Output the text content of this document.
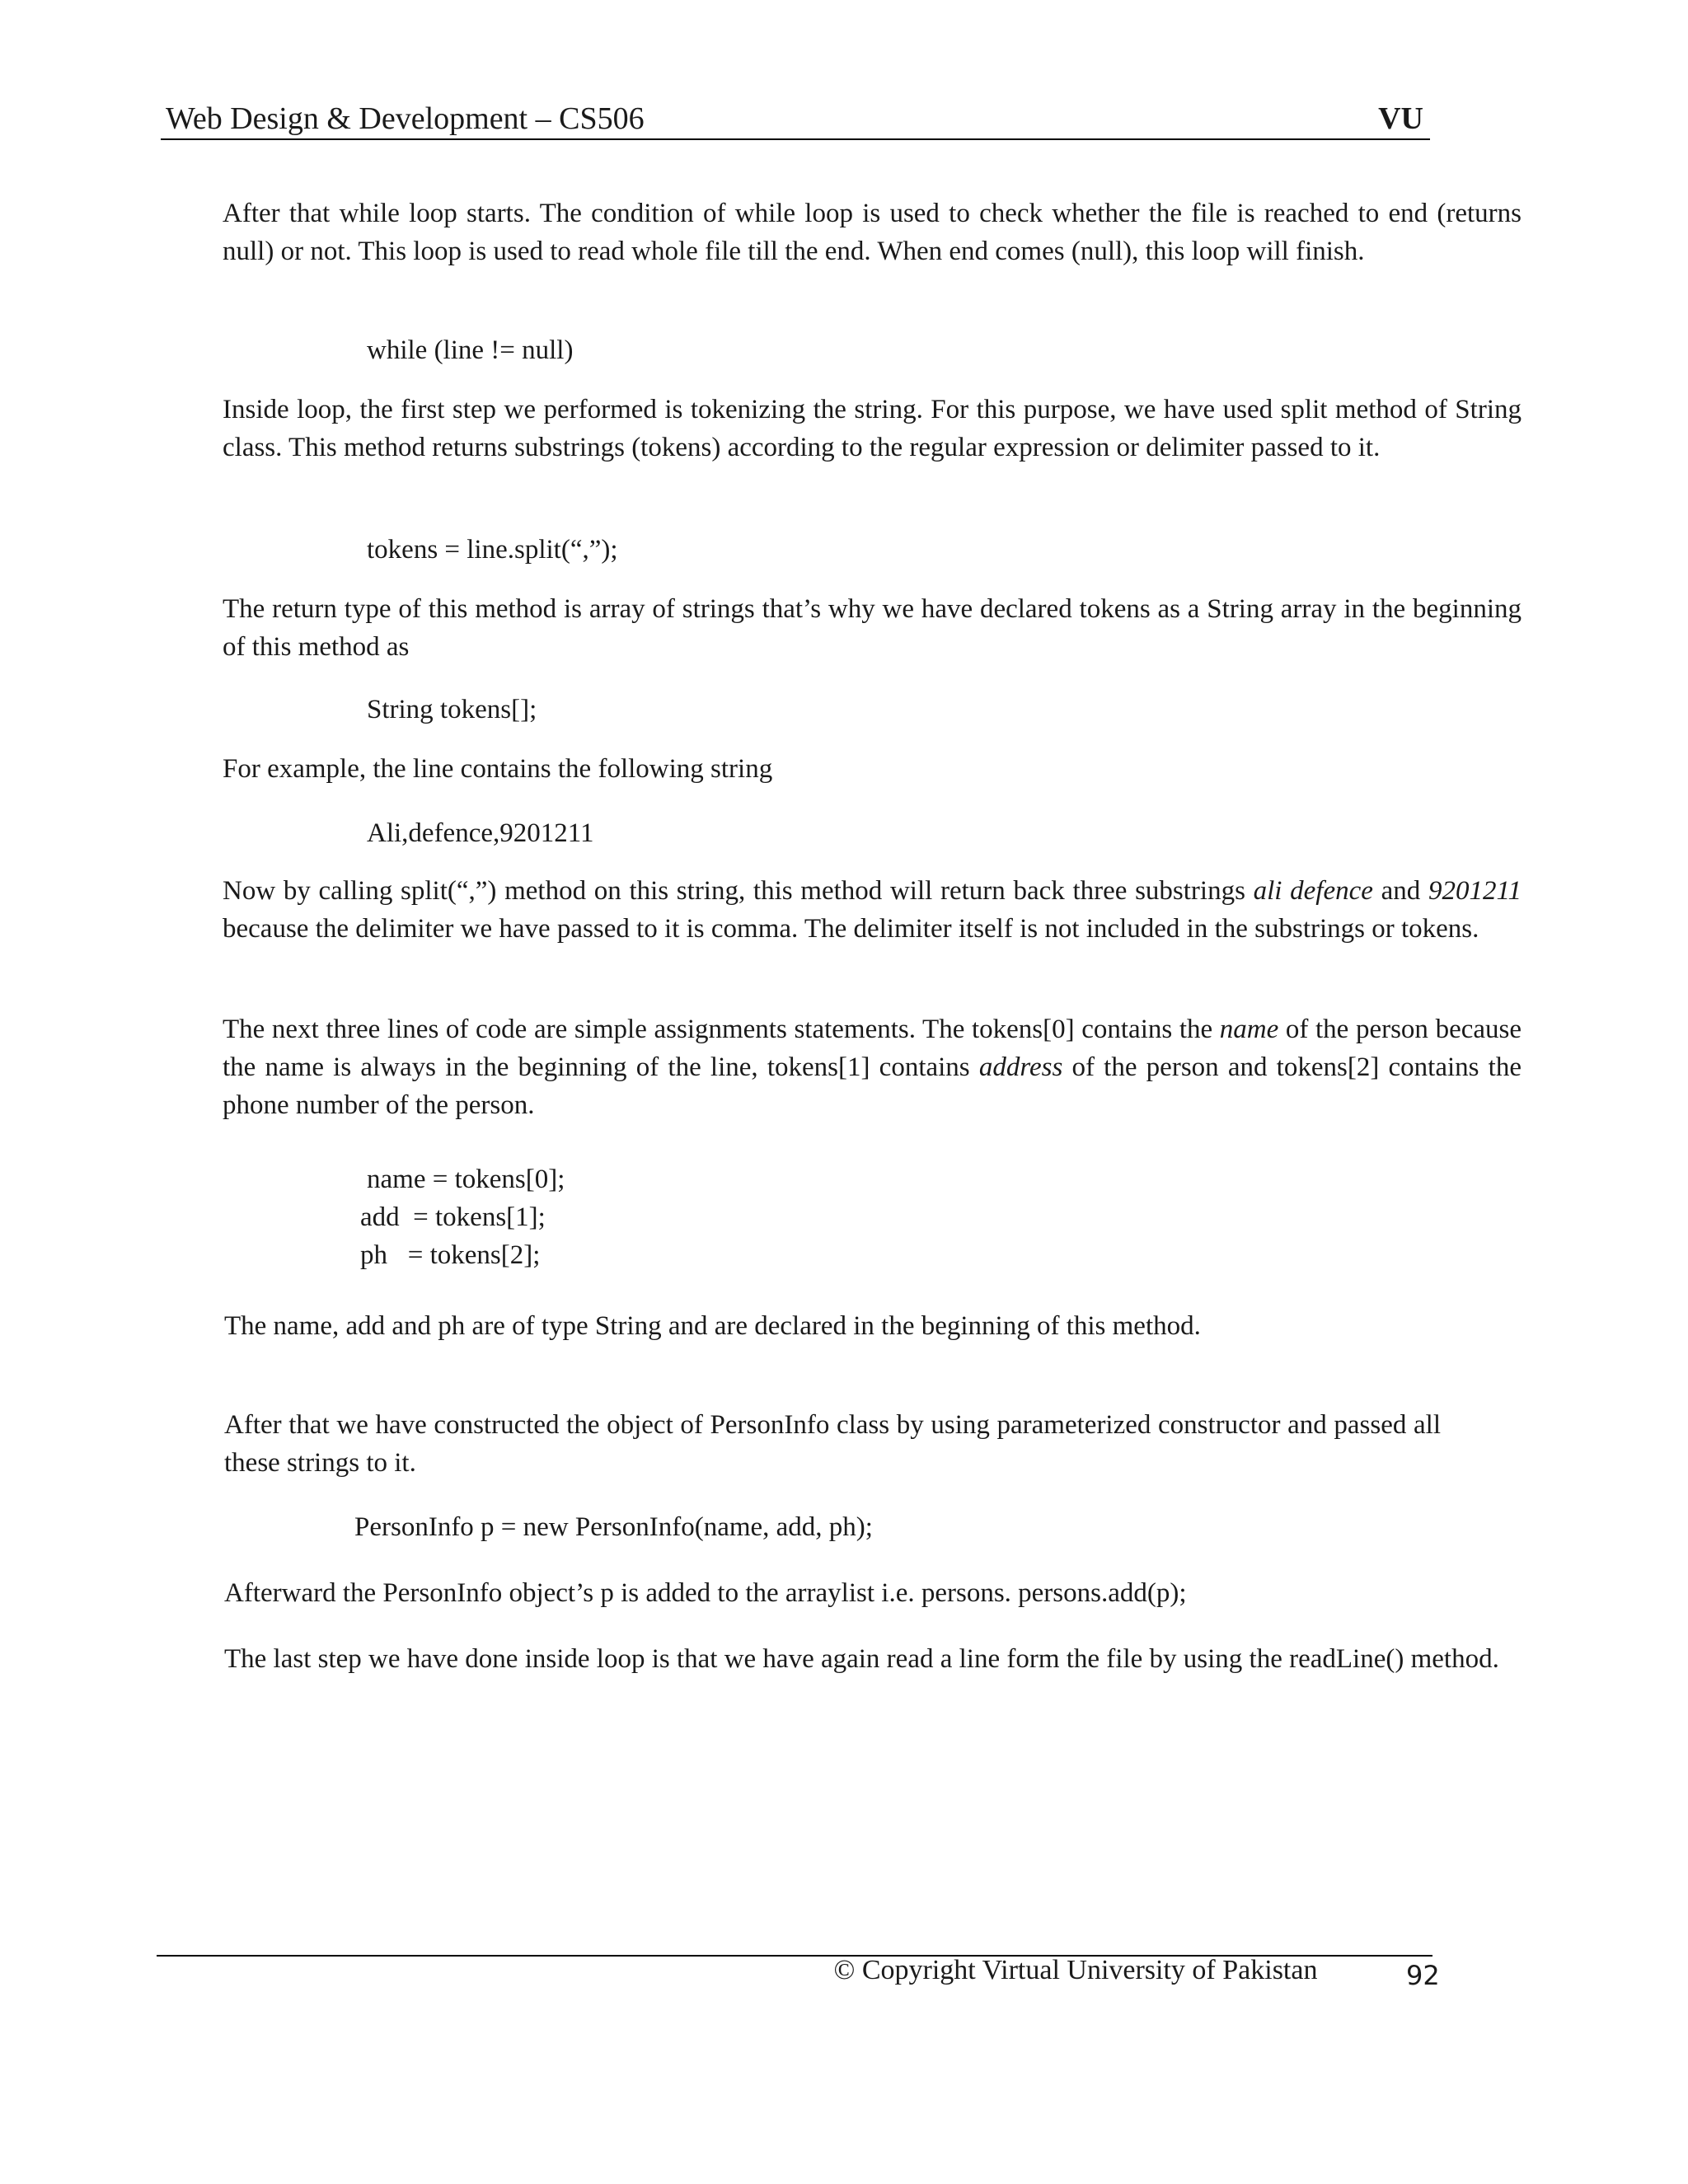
Web Design & Development – CS506	VU

After that while loop starts. The condition of while loop is used to check whether the file is reached to end (returns null) or not. This loop is used to read whole file till the end. When end comes (null), this loop will finish.

while (line != null)

Inside loop, the first step we performed is tokenizing the string. For this purpose, we have used split method of String class. This method returns substrings (tokens) according to the regular expression or delimiter passed to it.

tokens = line.split(“,”);

The return type of this method is array of strings that’s why we have declared tokens as a String array in the beginning of this method as

String tokens[];

For example, the line contains the following string

Ali,defence,9201211

Now by calling split(“,”) method on this string, this method will return back three substrings ali defence and 9201211 because the delimiter we have passed to it is comma. The delimiter itself is not included in the substrings or tokens.

The next three lines of code are simple assignments statements. The tokens[0] contains the name of the person because the name is always in the beginning of the line, tokens[1] contains address of the person and tokens[2] contains the phone number of the person.

name = tokens[0];

add  = tokens[1];

ph   = tokens[2];

The name, add and ph are of type String and are declared in the beginning of this method.

After that we have constructed the object of PersonInfo class by using parameterized constructor and passed all these strings to it.

PersonInfo p = new PersonInfo(name, add, ph);

Afterward the PersonInfo object’s p is added to the arraylist i.e. persons. persons.add(p);

The last step we have done inside loop is that we have again read a line form the file by using the readLine() method.

© Copyright Virtual University of Pakistan	92
